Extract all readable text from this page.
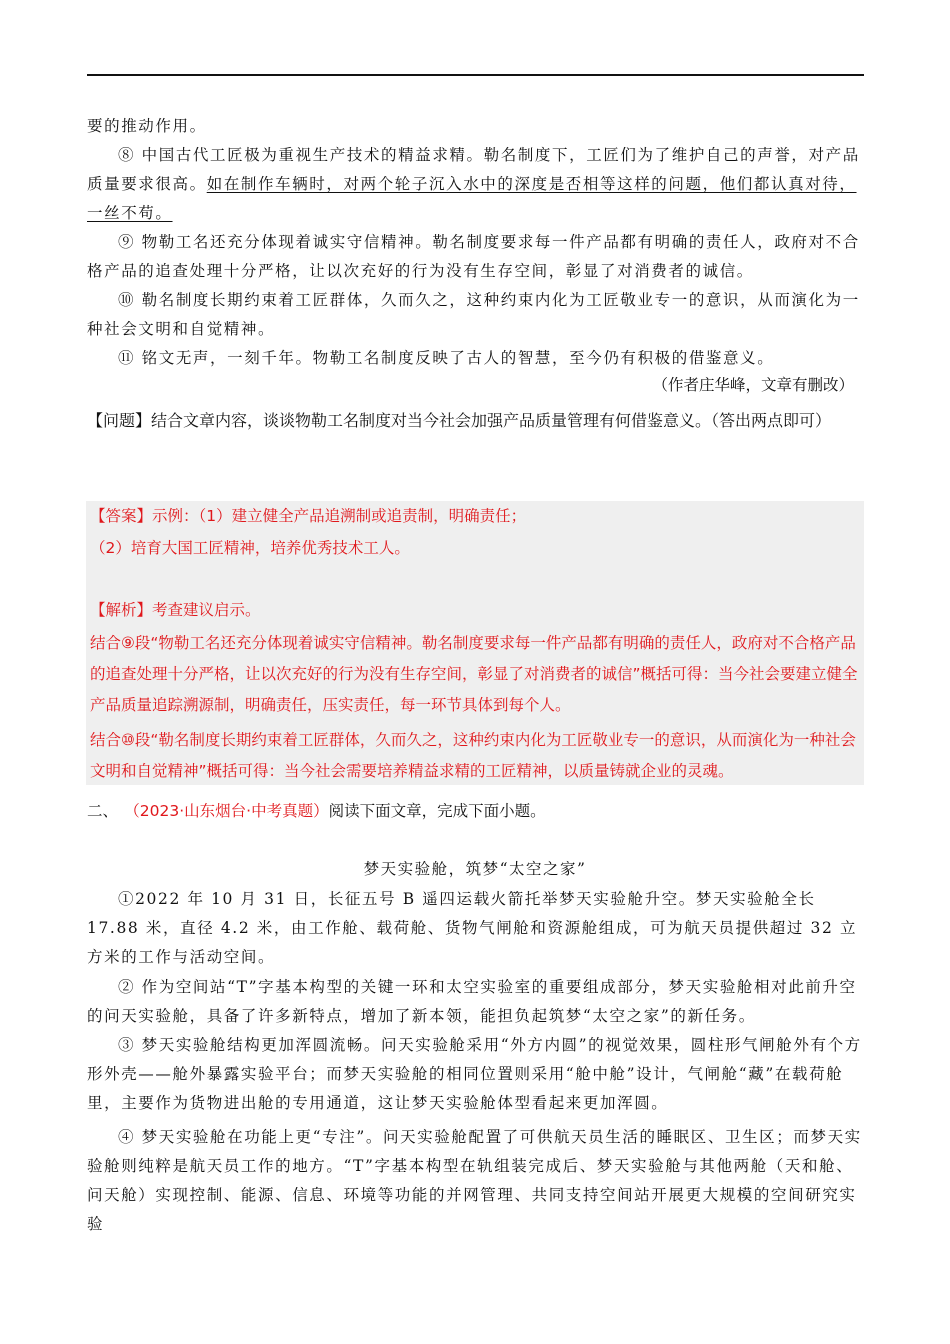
要的推动作用。

⑧ 中国古代工匠极为重视生产技术的精益求精。勒名制度下，工匠们为了维护自己的声誉，对产品质量要求很高。如在制作车辆时，对两个轮子沉入水中的深度是否相等这样的问题，他们都认真对待，一丝不苟。

⑨ 物勒工名还充分体现着诚实守信精神。勒名制度要求每一件产品都有明确的责任人，政府对不合格产品的追查处理十分严格，让以次充好的行为没有生存空间，彰显了对消费者的诚信。

⑩ 勒名制度长期约束着工匠群体，久而久之，这种约束内化为工匠敬业专一的意识，从而演化为一种社会文明和自觉精神。

⑪ 铭文无声，一刻千年。物勒工名制度反映了古人的智慧，至今仍有积极的借鉴意义。

（作者庄华峰，文章有删改）

【问题】结合文章内容，谈谈物勒工名制度对当今社会加强产品质量管理有何借鉴意义。（答出两点即可）

【答案】示例：（1）建立健全产品追溯制或追责制，明确责任；

（2）培育大国工匠精神，培养优秀技术工人。

【解析】考查建议启示。

结合⑨段“物勒工名还充分体现着诚实守信精神。勒名制度要求每一件产品都有明确的责任人，政府对不合格产品的追查处理十分严格，让以次充好的行为没有生存空间，彰显了对消费者的诚信”概括可得：当今社会要建立健全产品质量追踪溯源制，明确责任，压实责任，每一环节具体到每个人。

结合⑩段“勒名制度长期约束着工匠群体，久而久之，这种约束内化为工匠敬业专一的意识，从而演化为一种社会文明和自觉精神”概括可得：当今社会需要培养精益求精的工匠精神，以质量铸就企业的灵魂。

二、 （2023·山东烟台·中考真题）阅读下面文章，完成下面小题。
梦天实验舱，筑梦“太空之家”

①2022 年 10 月 31 日，长征五号 B 遥四运载火箭托举梦天实验舱升空。梦天实验舱全长 17.88 米，直径 4.2 米，由工作舱、载荷舱、货物气闸舱和资源舱组成，可为航天员提供超过 32 立方米的工作与活动空间。

② 作为空间站“T”字基本构型的关键一环和太空实验室的重要组成部分，梦天实验舱相对此前升空的问天实验舱，具备了许多新特点，增加了新本领，能担负起筑梦“太空之家”的新任务。

③ 梦天实验舱结构更加浑圆流畅。问天实验舱采用“外方内圆”的视觉效果，圆柱形气闸舱外有个方形外壳——舱外暴露实验平台；而梦天实验舱的相同位置则采用“舱中舱”设计，气闸舱“藏”在载荷舱里，主要作为货物进出舱的专用通道，这让梦天实验舱体型看起来更加浑圆。

④ 梦天实验舱在功能上更“专注”。问天实验舱配置了可供航天员生活的睡眠区、卫生区；而梦天实验舱则纯粹是航天员工作的地方。“T”字基本构型在轨组装完成后、梦天实验舱与其他两舱（天和舱、问天舱）实现控制、能源、信息、环境等功能的并网管理、共同支持空间站开展更大规模的空间研究实验
